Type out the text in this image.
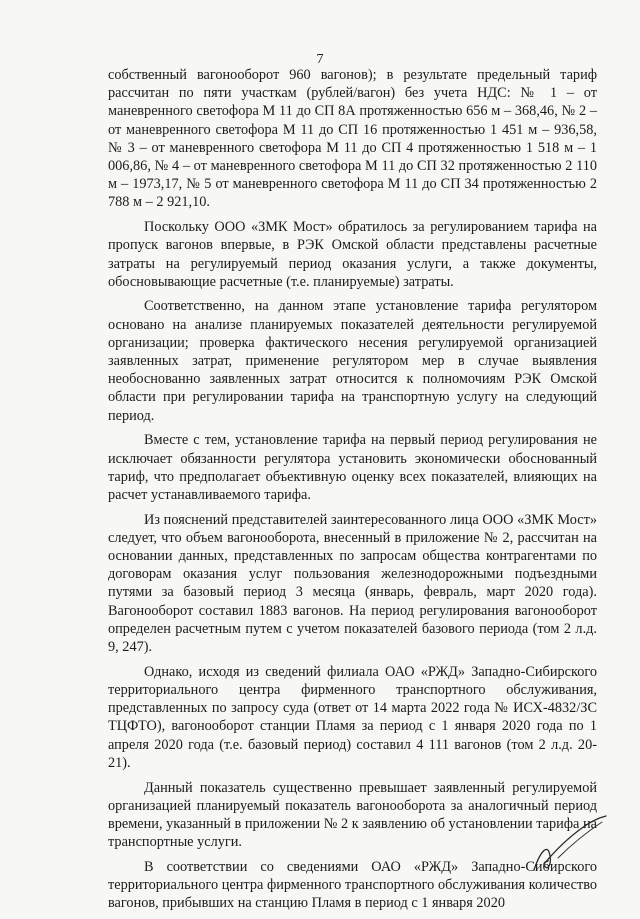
7

собственный вагонооборот 960 вагонов); в результате предельный тариф рассчитан по пяти участкам (рублей/вагон) без учета НДС: № 1 – от маневренного светофора М 11 до СП 8А протяженностью 656 м – 368,46, № 2 – от маневренного светофора М 11 до СП 16 протяженностью 1 451 м – 936,58, № 3 – от маневренного светофора М 11 до СП 4 протяженностью 1 518 м – 1 006,86, № 4 – от маневренного светофора М 11 до СП 32 протяженностью 2 110 м – 1973,17, № 5 от маневренного светофора М 11 до СП 34 протяженностью 2 788 м – 2 921,10.

Поскольку ООО «ЗМК Мост» обратилось за регулированием тарифа на пропуск вагонов впервые, в РЭК Омской области представлены расчетные затраты на регулируемый период оказания услуги, а также документы, обосновывающие расчетные (т.е. планируемые) затраты.

Соответственно, на данном этапе установление тарифа регулятором основано на анализе планируемых показателей деятельности регулируемой организации; проверка фактического несения регулируемой организацией заявленных затрат, применение регулятором мер в случае выявления необоснованно заявленных затрат относится к полномочиям РЭК Омской области при регулировании тарифа на транспортную услугу на следующий период.

Вместе с тем, установление тарифа на первый период регулирования не исключает обязанности регулятора установить экономически обоснованный тариф, что предполагает объективную оценку всех показателей, влияющих на расчет устанавливаемого тарифа.

Из пояснений представителей заинтересованного лица ООО «ЗМК Мост» следует, что объем вагонооборота, внесенный в приложение № 2, рассчитан на основании данных, представленных по запросам общества контрагентами по договорам оказания услуг пользования железнодорожными подъездными путями за базовый период 3 месяца (январь, февраль, март 2020 года). Вагонооборот составил 1883 вагонов. На период регулирования вагонооборот определен расчетным путем с учетом показателей базового периода (том 2 л.д. 9, 247).

Однако, исходя из сведений филиала ОАО «РЖД» Западно-Сибирского территориального центра фирменного транспортного обслуживания, представленных по запросу суда (ответ от 14 марта 2022 года № ИСХ-4832/ЗС ТЦФТО), вагонооборот станции Пламя за период с 1 января 2020 года по 1 апреля 2020 года (т.е. базовый период) составил 4 111 вагонов (том 2 л.д. 20-21).

Данный показатель существенно превышает заявленный регулируемой организацией планируемый показатель вагонооборота за аналогичный период времени, указанный в приложении № 2 к заявлению об установлении тарифа на транспортные услуги.

В соответствии со сведениями ОАО «РЖД» Западно-Сибирского территориального центра фирменного транспортного обслуживания количество вагонов, прибывших на станцию Пламя в период с 1 января 2020
